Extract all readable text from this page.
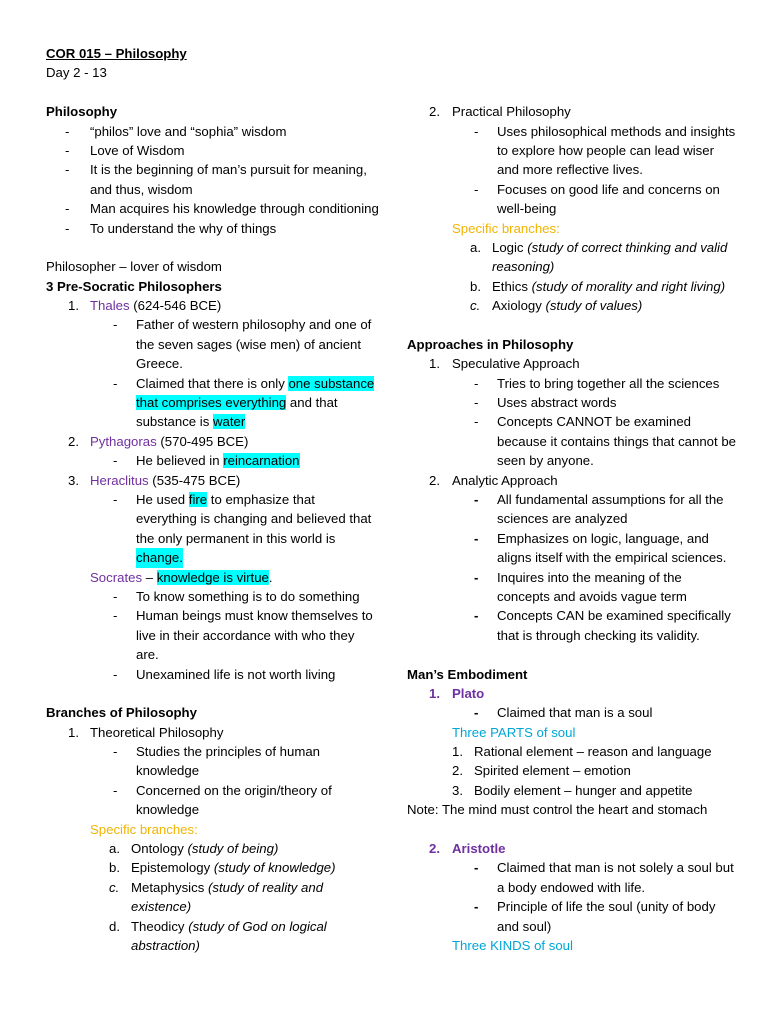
COR 015 – Philosophy
Day 2 - 13
Philosophy
- “philos” love and “sophia” wisdom
- Love of Wisdom
- It is the beginning of man’s pursuit for meaning,
and thus, wisdom
- Man acquires his knowledge through conditioning
- To understand the why of things
Philosopher – lover of wisdom
3 Pre-Socratic Philosophers
1. Thales (624-546 BCE)
- Father of western philosophy and one of
the seven sages (wise men) of ancient
Greece.
- Claimed that there is only one substance
that comprises everything and that
substance is water
2. Pythagoras (570-495 BCE)
- He believed in reincarnation
3. Heraclitus (535-475 BCE)
- He used fire to emphasize that
everything is changing and believed that
the only permanent in this world is
change.
Socrates – knowledge is virtue.
- To know something is to do something
- Human beings must know themselves to
live in their accordance with who they
are.
- Unexamined life is not worth living
Branches of Philosophy
1. Theoretical Philosophy
- Studies the principles of human
knowledge
- Concerned on the origin/theory of
knowledge
Specific branches:
a. Ontology (study of being)
b. Epistemology (study of knowledge)
c. Metaphysics (study of reality and
existence)
d. Theodicy (study of God on logical
abstraction)
2. Practical Philosophy
- Uses philosophical methods and insights
to explore how people can lead wiser
and more reflective lives.
- Focuses on good life and concerns on
well-being
Specific branches:
a. Logic (study of correct thinking and valid
reasoning)
b. Ethics (study of morality and right living)
c. Axiology (study of values)
Approaches in Philosophy
1. Speculative Approach
- Tries to bring together all the sciences
- Uses abstract words
- Concepts CANNOT be examined
because it contains things that cannot be
seen by anyone.
2. Analytic Approach
- All fundamental assumptions for all the
sciences are analyzed
- Emphasizes on logic, language, and
aligns itself with the empirical sciences.
- Inquires into the meaning of the
concepts and avoids vague term
- Concepts CAN be examined specifically
that is through checking its validity.
Man’s Embodiment
1. Plato
- Claimed that man is a soul
Three PARTS of soul
1. Rational element – reason and language
2. Spirited element – emotion
3. Bodily element – hunger and appetite
Note: The mind must control the heart and stomach
2. Aristotle
- Claimed that man is not solely a soul but
a body endowed with life.
- Principle of life the soul (unity of body
and soul)
Three KINDS of soul
